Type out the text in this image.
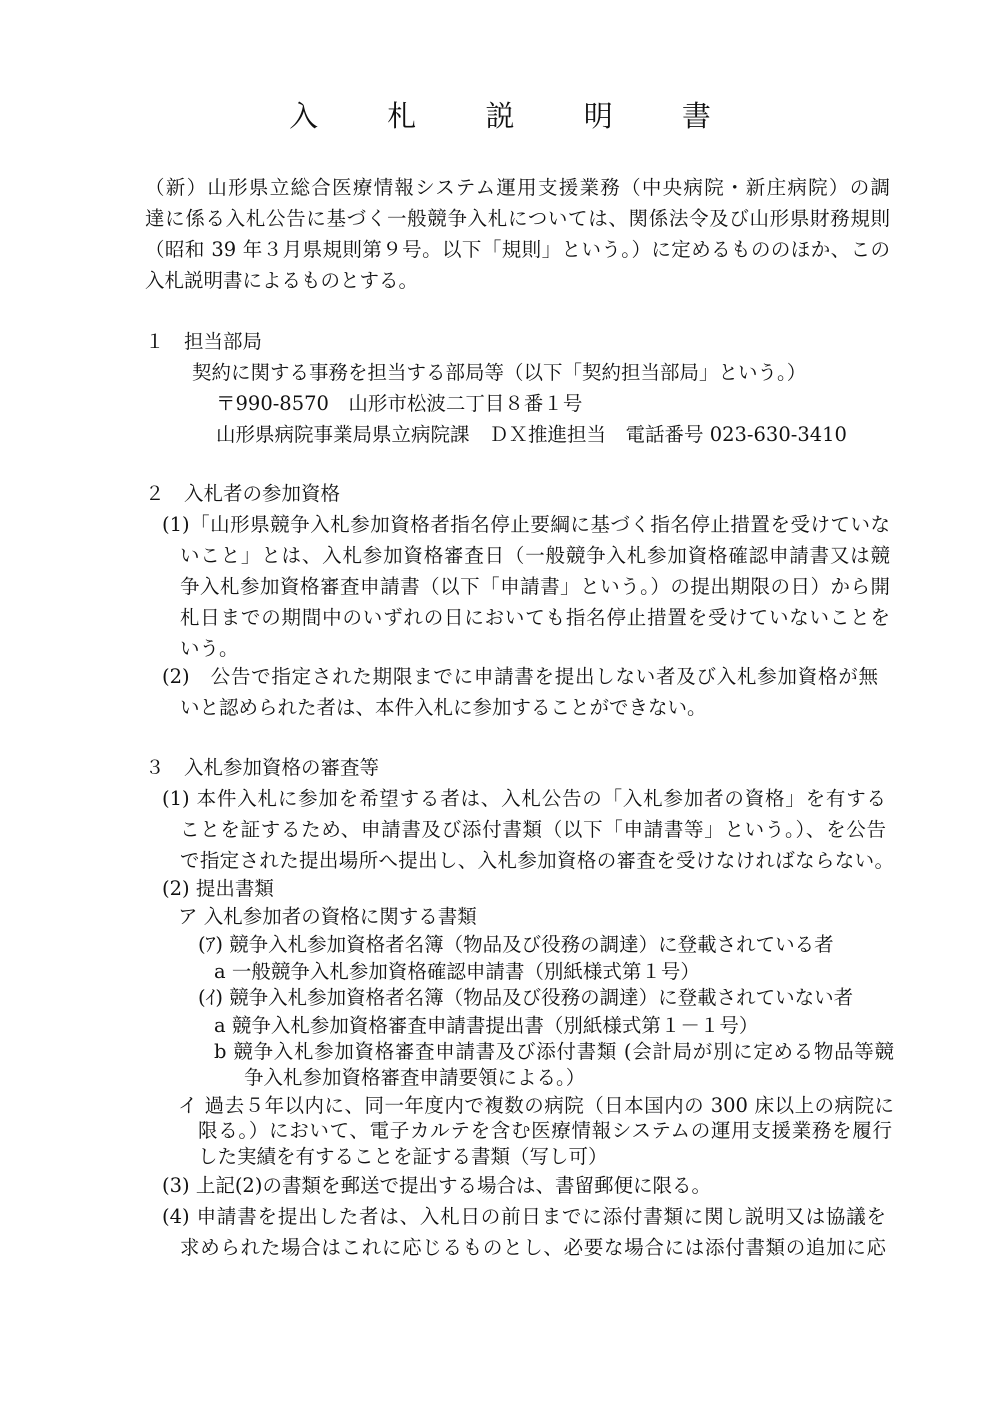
入 札 説 明 書
（新）山形県立総合医療情報システム運用支援業務（中央病院・新庄病院）の調
達に係る入札公告に基づく一般競争入札については、関係法令及び山形県財務規則
（昭和 39 年３月県規則第９号。以下「規則」という。）に定めるもののほか、この
入札説明書によるものとする。
１　担当部局
契約に関する事務を担当する部局等（以下「契約担当部局」という。）
〒990-8570　山形市松波二丁目８番１号
山形県病院事業局県立病院課　ＤＸ推進担当　電話番号 023-630-3410
２　入札者の参加資格
(1)「山形県競争入札参加資格者指名停止要綱に基づく指名停止措置を受けていな
いこと」とは、入札参加資格審査日（一般競争入札参加資格確認申請書又は競
争入札参加資格審査申請書（以下「申請書」という。）の提出期限の日）から開
札日までの期間中のいずれの日においても指名停止措置を受けていないことを
いう。
(2)　公告で指定された期限までに申請書を提出しない者及び入札参加資格が無
いと認められた者は、本件入札に参加することができない。
３　入札参加資格の審査等
(1) 本件入札に参加を希望する者は、入札公告の「入札参加者の資格」を有する
ことを証するため、申請書及び添付書類（以下「申請書等」という。）、を公告
で指定された提出場所へ提出し、入札参加資格の審査を受けなければならない。
(2) 提出書類
ア 入札参加者の資格に関する書類
(ｱ) 競争入札参加資格者名簿（物品及び役務の調達）に登載されている者
a 一般競争入札参加資格確認申請書（別紙様式第１号）
(ｲ) 競争入札参加資格者名簿（物品及び役務の調達）に登載されていない者
a 競争入札参加資格審査申請書提出書（別紙様式第１－１号）
b 競争入札参加資格審査申請書及び添付書類 (会計局が別に定める物品等競
争入札参加資格審査申請要領による。）
イ 過去５年以内に、同一年度内で複数の病院（日本国内の 300 床以上の病院に
限る。）において、電子カルテを含む医療情報システムの運用支援業務を履行
した実績を有することを証する書類（写し可）
(3) 上記(2)の書類を郵送で提出する場合は、書留郵便に限る。
(4) 申請書を提出した者は、入札日の前日までに添付書類に関し説明又は協議を
求められた場合はこれに応じるものとし、必要な場合には添付書類の追加に応
